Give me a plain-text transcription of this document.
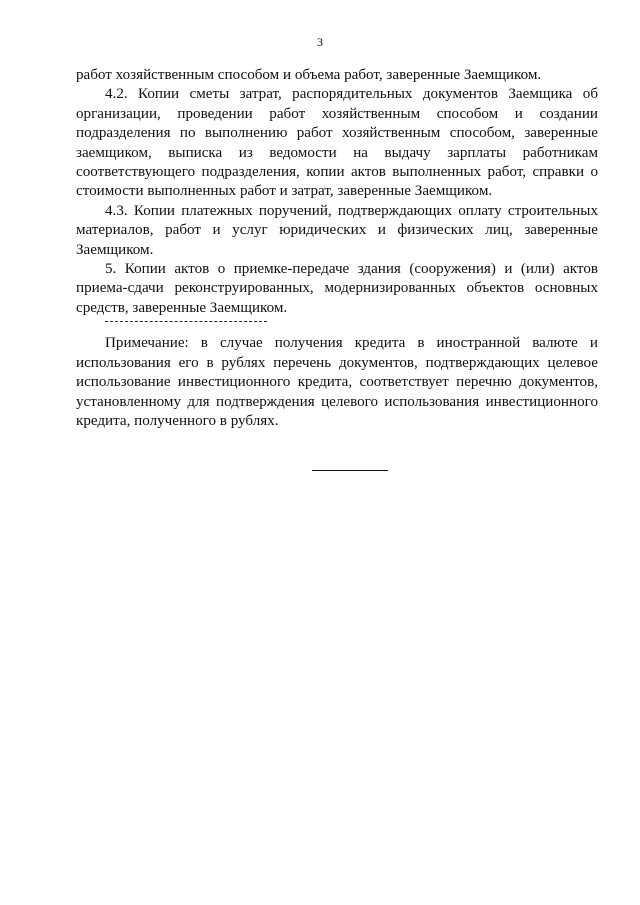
3

работ хозяйственным способом и объема работ, заверенные Заемщиком.

4.2. Копии сметы затрат, распорядительных документов Заемщика об организации, проведении работ хозяйственным способом и создании подразделения по выполнению работ хозяйственным способом, заверенные заемщиком, выписка из ведомости на выдачу зарплаты работникам соответствующего подразделения, копии актов выполненных работ, справки о стоимости выполненных работ и затрат, заверенные Заемщиком.

4.3. Копии платежных поручений, подтверждающих оплату строительных материалов, работ и услуг юридических и физических лиц, заверенные Заемщиком.

5. Копии актов о приемке-передаче здания (сооружения) и (или) актов приема-сдачи реконструированных, модернизированных объектов основных средств, заверенные Заемщиком.

Примечание: в случае получения кредита в иностранной валюте и использования его в рублях перечень документов, подтверждающих целевое использование инвестиционного кредита, соответствует перечню документов, установленному для подтверждения целевого использования инвестиционного кредита, полученного в рублях.
